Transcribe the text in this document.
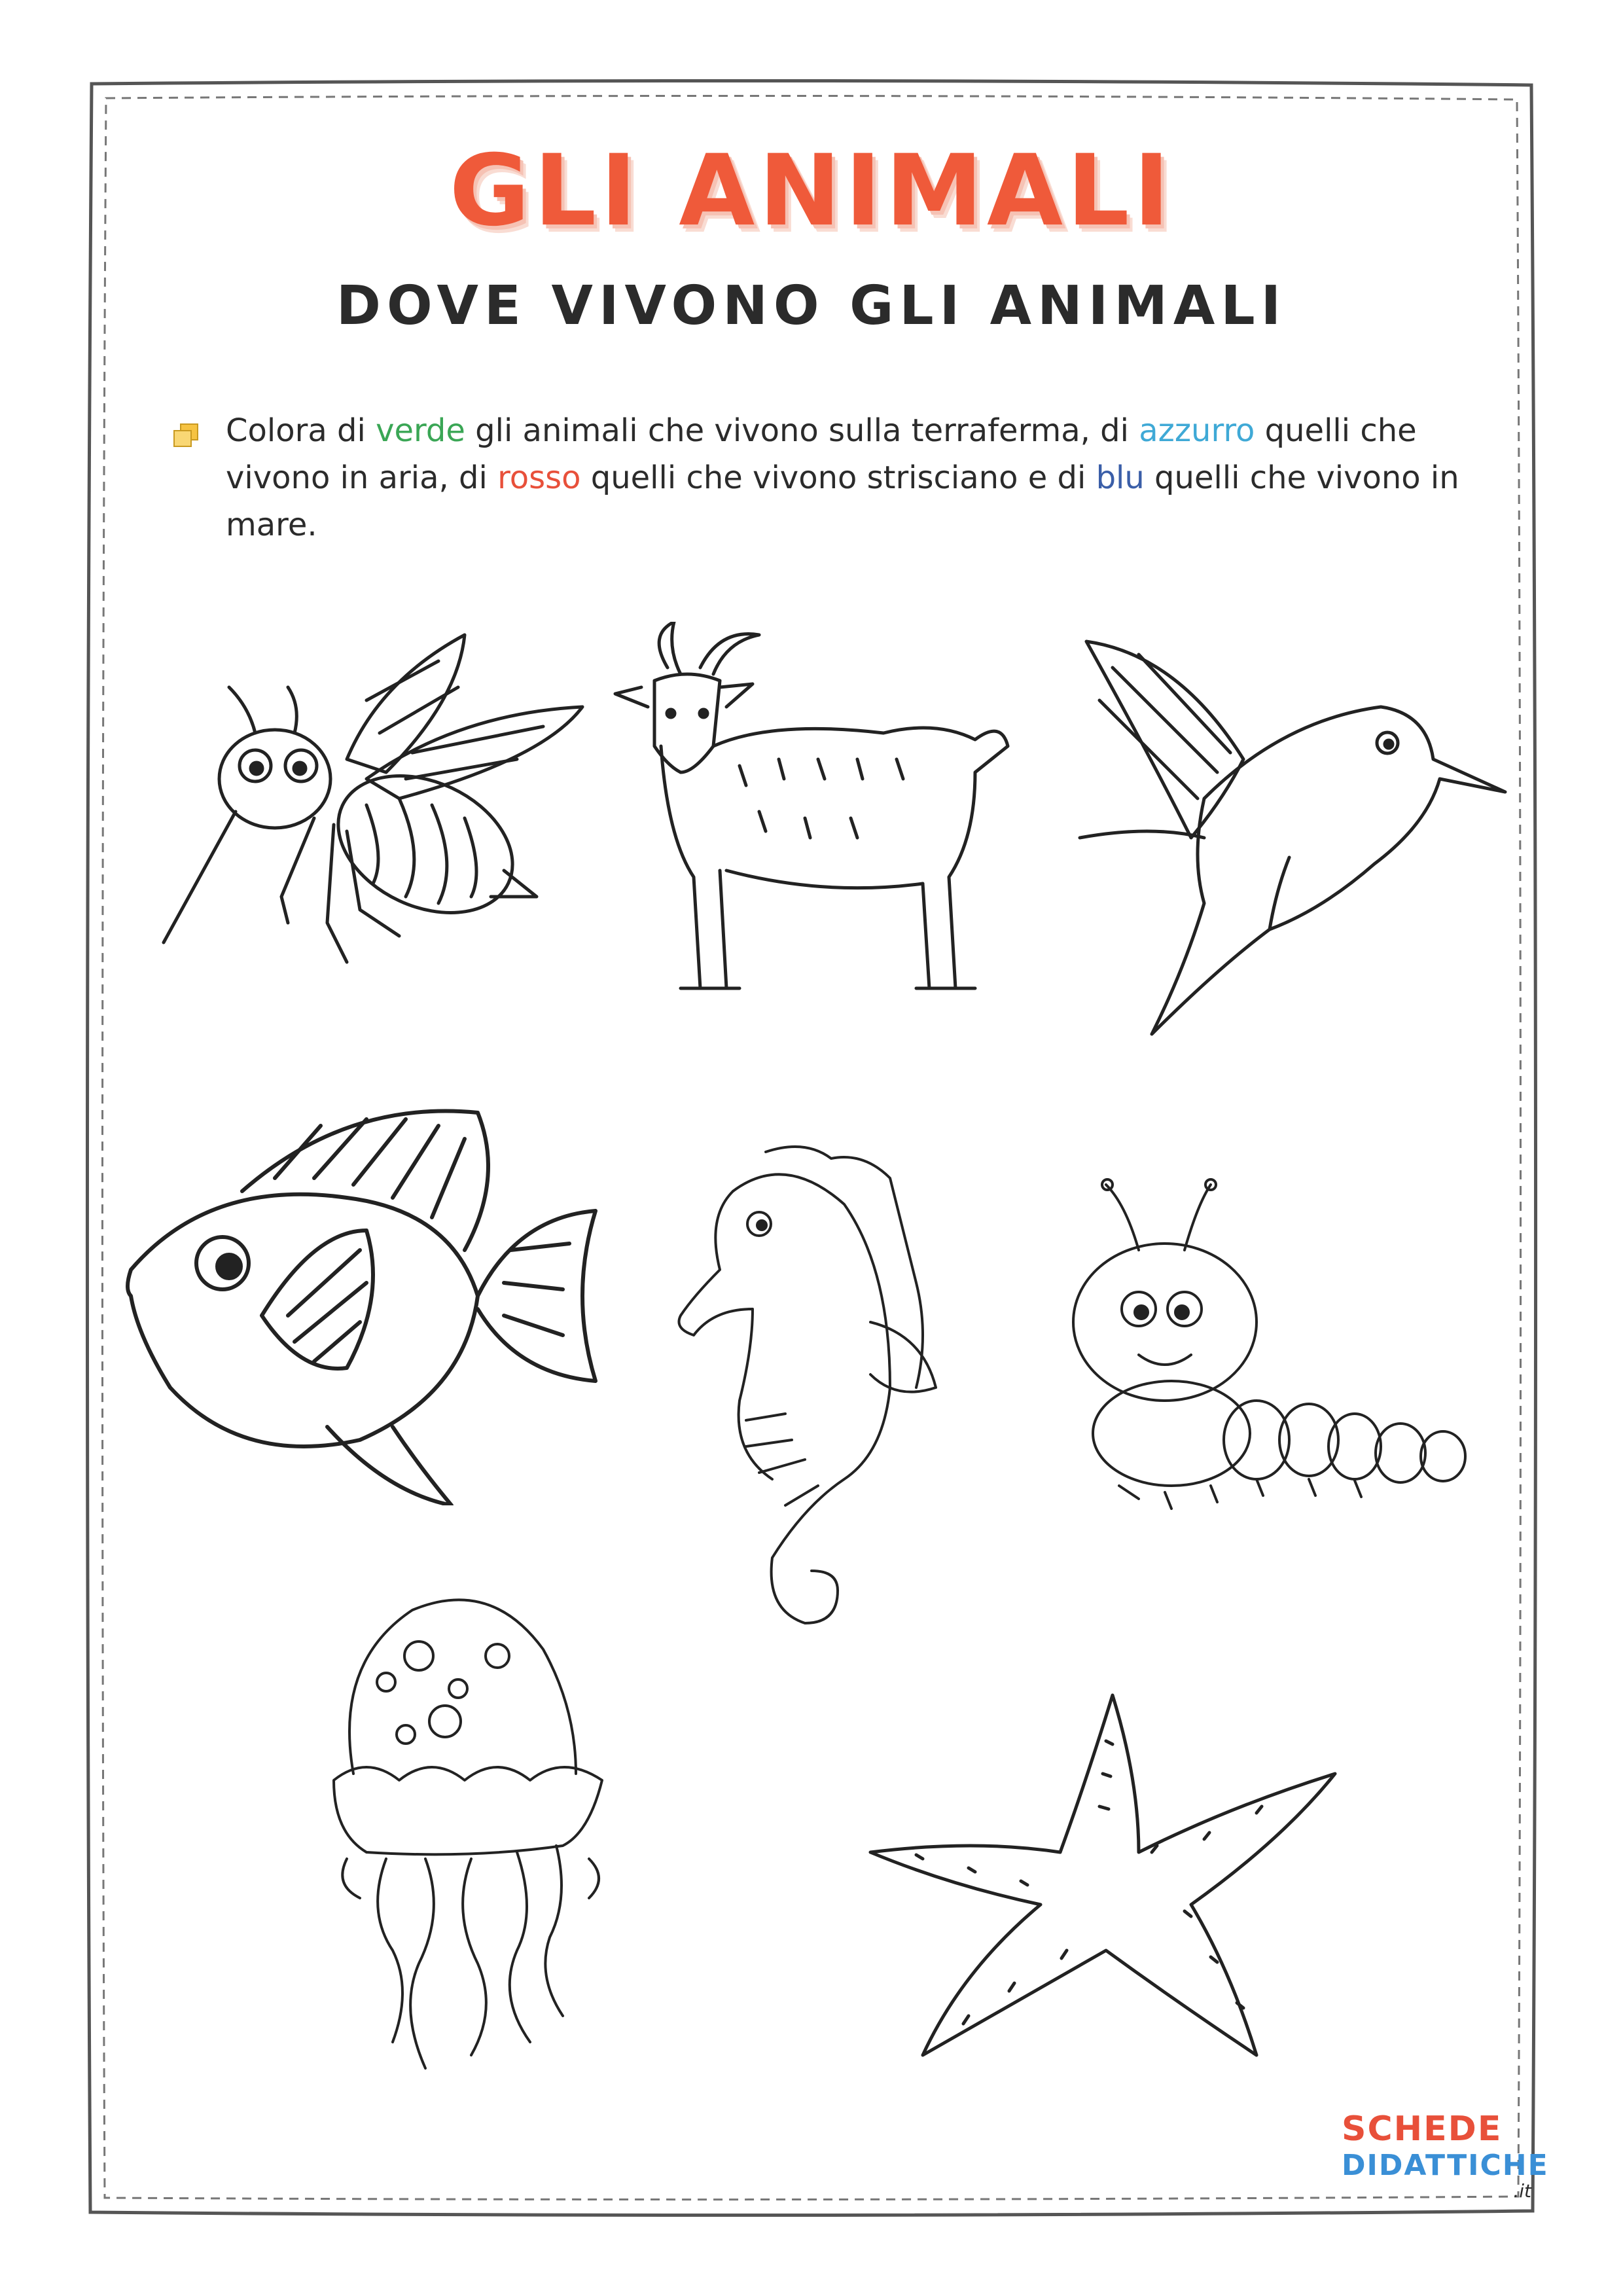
GLI ANIMALI
DOVE VIVONO GLI ANIMALI
Colora di verde gli animali che vivono sulla terraferma, di azzurro quelli che vivono in aria, di rosso quelli che vivono strisciano e di blu quelli che vivono in mare.
SCHEDE
DIDATTICHE
.it
